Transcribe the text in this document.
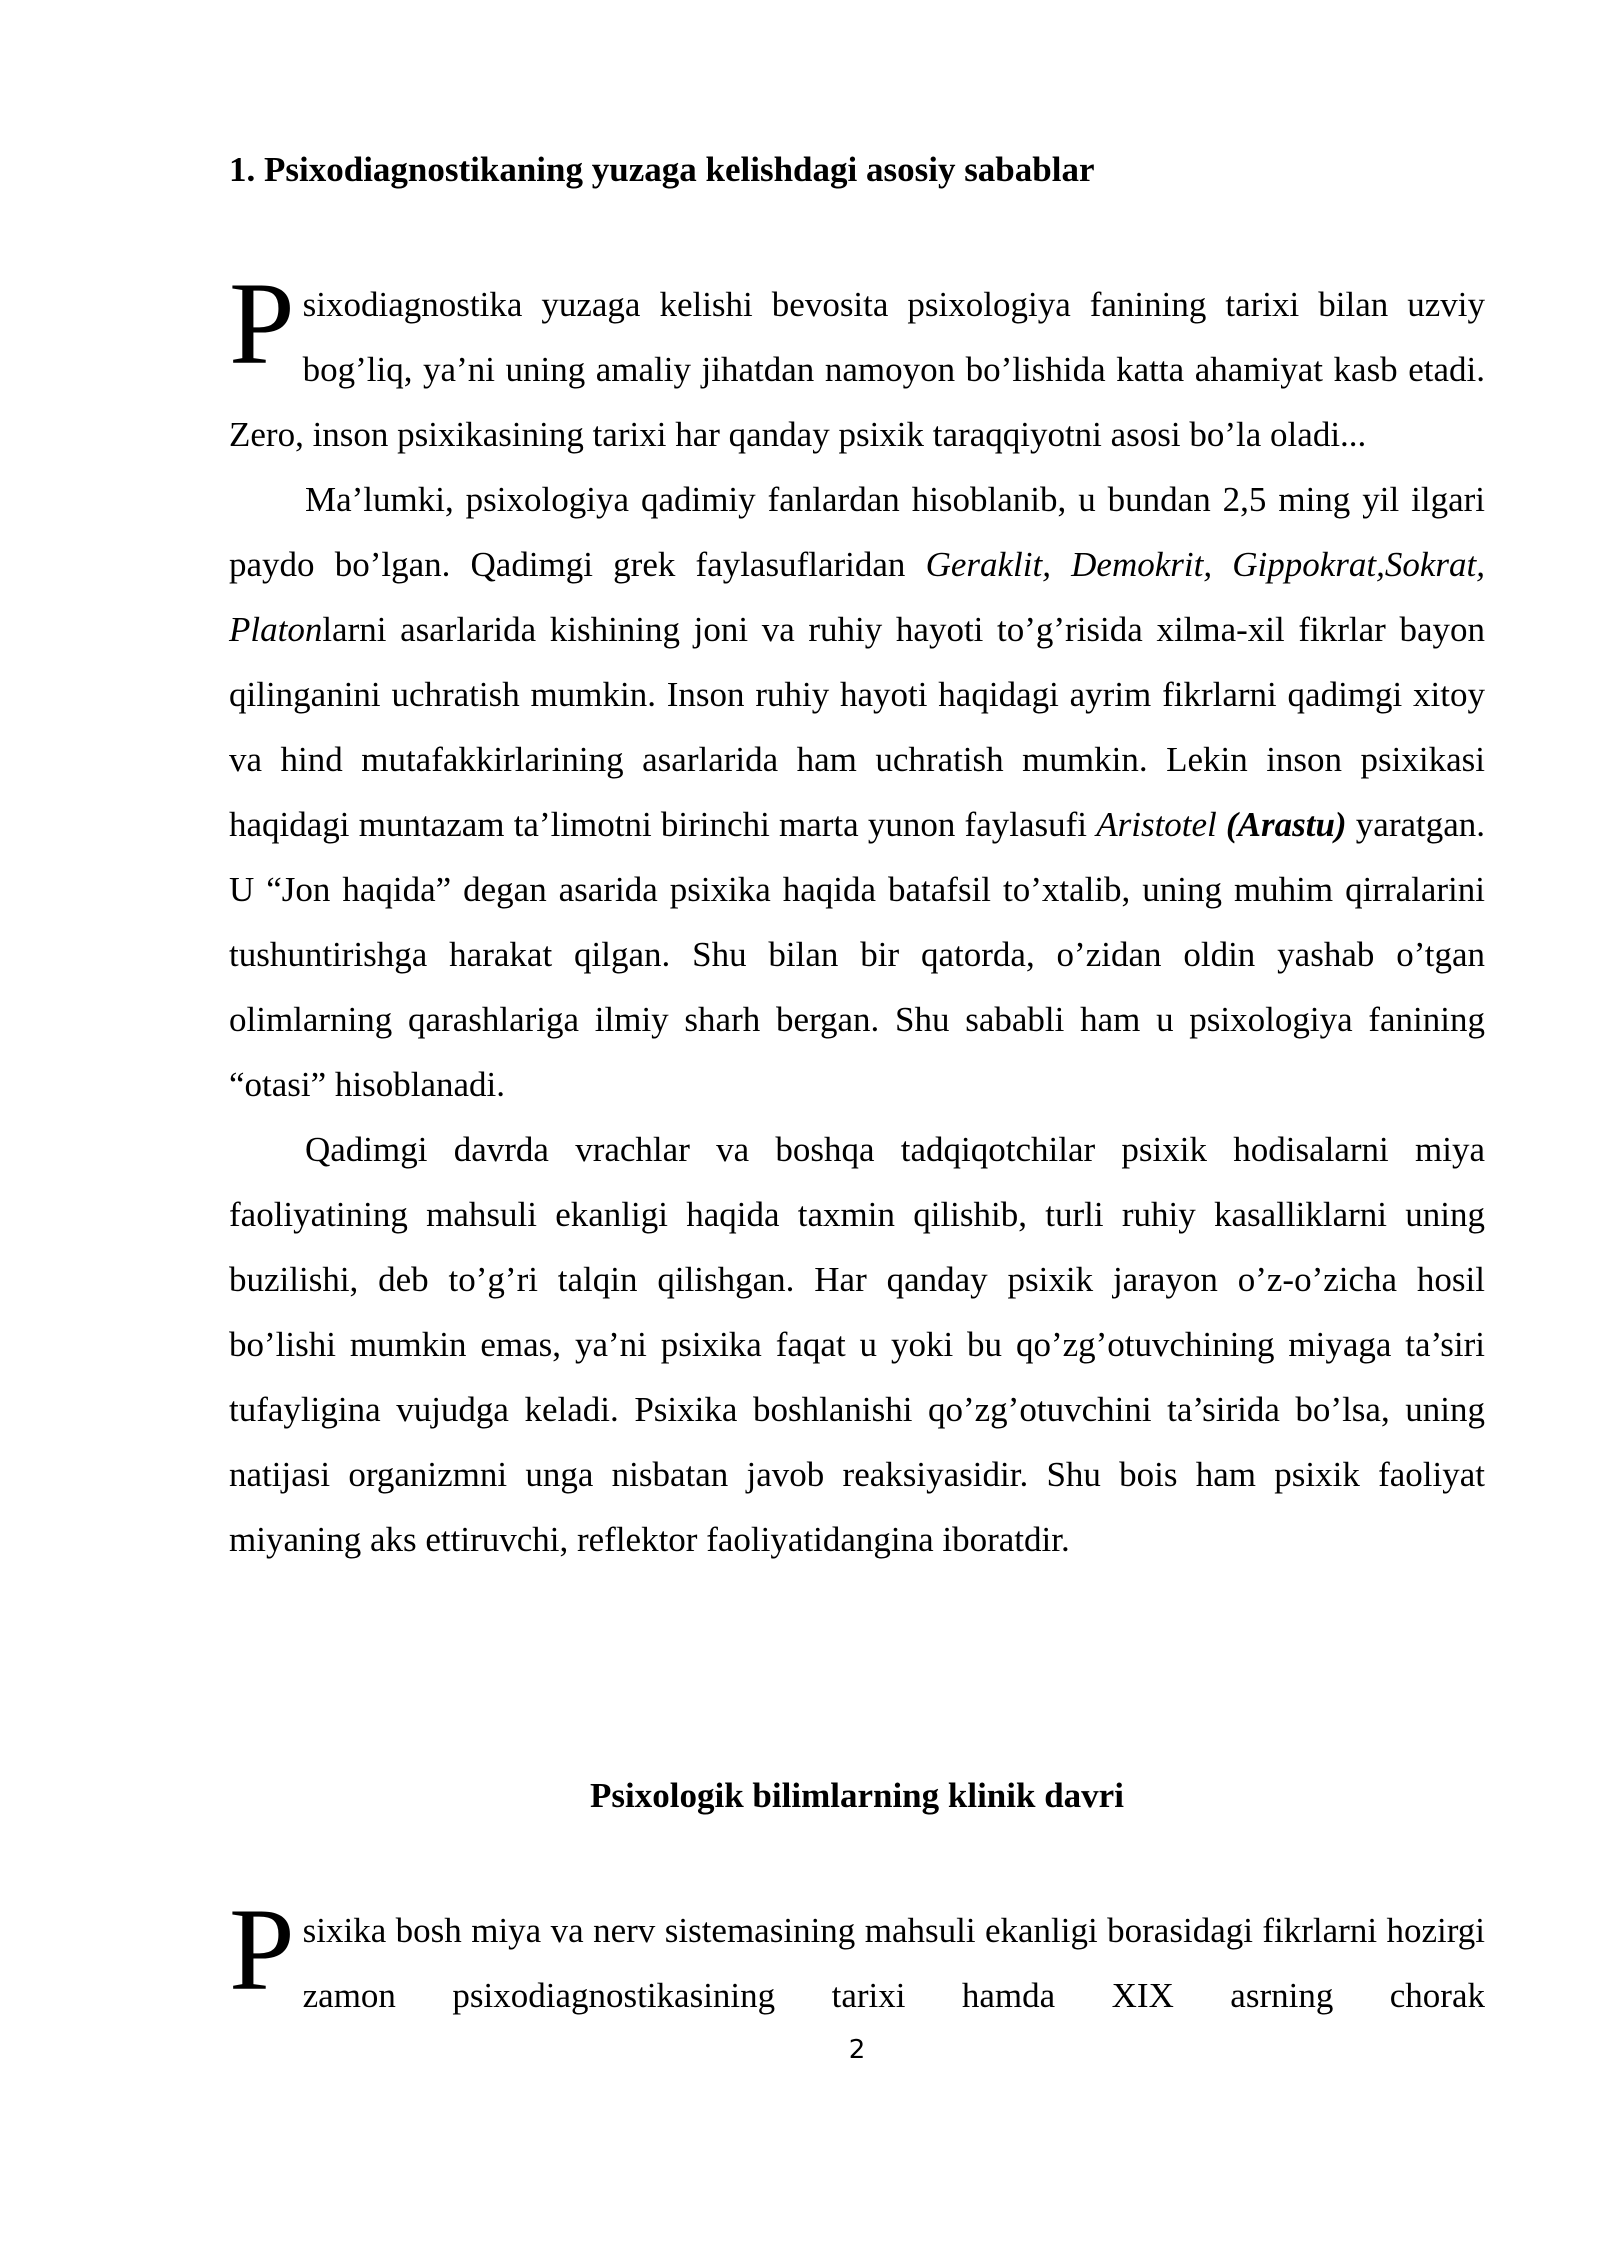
1. Psixodiagnostikaning yuzaga kelishdagi asosiy sabablar

Psixodiagnostika yuzaga kelishi bevosita psixologiya fanining tarixi bilan uzviy bog’liq, ya’ni uning amaliy jihatdan namoyon bo’lishida katta ahamiyat kasb etadi. Zero, inson psixikasining tarixi har qanday psixik taraqqiyotni asosi bo’la oladi...

Ma’lumki, psixologiya qadimiy fanlardan hisoblanib, u bundan 2,5 ming yil ilgari paydo bo’lgan. Qadimgi grek faylasuflaridan Geraklit, Demokrit, Gippokrat,Sokrat, Platonlarni asarlarida kishining joni va ruhiy hayoti to’g’risida xilma-xil fikrlar bayon qilinganini uchratish mumkin. Inson ruhiy hayoti haqidagi ayrim fikrlarni qadimgi xitoy va hind mutafakkirlarining asarlarida ham uchratish mumkin. Lekin inson psixikasi haqidagi muntazam ta’limotni birinchi marta yunon faylasufi Aristotel (Arastu) yaratgan. U “Jon haqida” degan asarida psixika haqida batafsil to’xtalib, uning muhim qirralarini tushuntirishga harakat qilgan. Shu bilan bir qatorda, o’zidan oldin yashab o’tgan olimlarning qarashlariga ilmiy sharh bergan. Shu sababli ham u psixologiya fanining “otasi” hisoblanadi.

Qadimgi davrda vrachlar va boshqa tadqiqotchilar psixik hodisalarni miya faoliyatining mahsuli ekanligi haqida taxmin qilishib, turli ruhiy kasalliklarni uning buzilishi, deb to’g’ri talqin qilishgan. Har qanday psixik jarayon o’z-o’zicha hosil bo’lishi mumkin emas, ya’ni psixika faqat u yoki bu qo’zg’otuvchining miyaga ta’siri tufayligina vujudga keladi. Psixika boshlanishi qo’zg’otuvchini ta’sirida bo’lsa, uning natijasi organizmni unga nisbatan javob reaksiyasidir. Shu bois ham psixik faoliyat miyaning aks ettiruvchi, reflektor faoliyatidangina iboratdir.

Psixologik bilimlarning klinik davri

Psixika bosh miya va nerv sistemasining mahsuli ekanligi borasidagi fikrlarni hozirgi zamon psixodiagnostikasining tarixi hamda XIX asrning chorak

2
